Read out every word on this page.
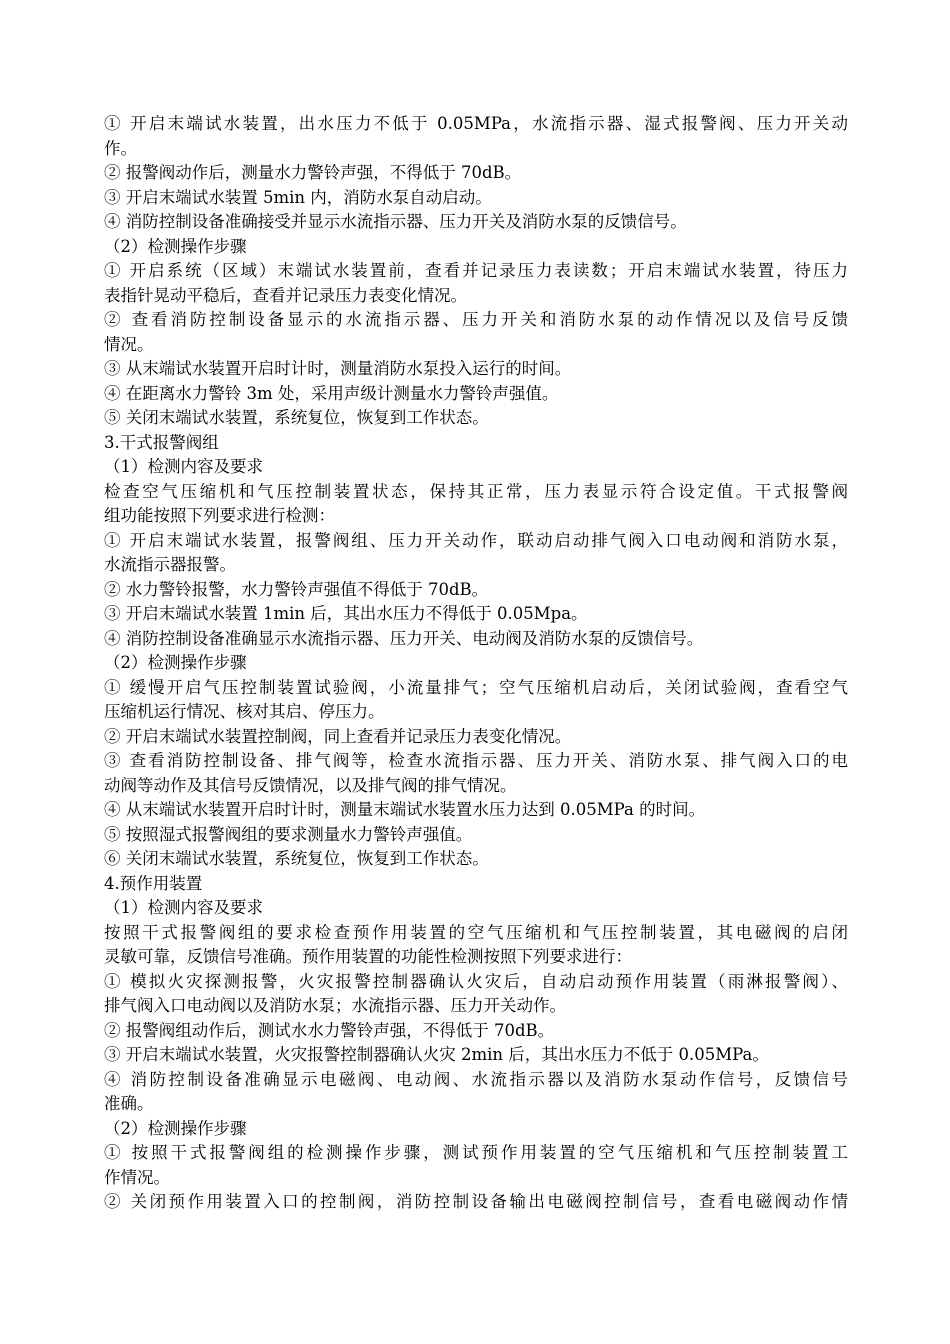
① 开启末端试水装置，出水压力不低于 0.05MPa，水流指示器、湿式报警阀、压力开关动
作。
② 报警阀动作后，测量水力警铃声强，不得低于 70dB。
③ 开启末端试水装置 5min 内，消防水泵自动启动。
④ 消防控制设备准确接受并显示水流指示器、压力开关及消防水泵的反馈信号。
（2）检测操作步骤
① 开启系统（区域）末端试水装置前，查看并记录压力表读数；开启末端试水装置，待压力
表指针晃动平稳后，查看并记录压力表变化情况。
② 查看消防控制设备显示的水流指示器、压力开关和消防水泵的动作情况以及信号反馈
情况。
③ 从末端试水装置开启时计时，测量消防水泵投入运行的时间。
④ 在距离水力警铃 3m 处，采用声级计测量水力警铃声强值。
⑤ 关闭末端试水装置，系统复位，恢复到工作状态。
3.干式报警阀组
（1）检测内容及要求
检查空气压缩机和气压控制装置状态，保持其正常，压力表显示符合设定值。干式报警阀
组功能按照下列要求进行检测：
① 开启末端试水装置，报警阀组、压力开关动作，联动启动排气阀入口电动阀和消防水泵，
水流指示器报警。
② 水力警铃报警，水力警铃声强值不得低于 70dB。
③ 开启末端试水装置 1min 后，其出水压力不得低于 0.05Mpa。
④ 消防控制设备准确显示水流指示器、压力开关、电动阀及消防水泵的反馈信号。
（2）检测操作步骤
① 缓慢开启气压控制装置试验阀，小流量排气；空气压缩机启动后，关闭试验阀，查看空气
压缩机运行情况、核对其启、停压力。
② 开启末端试水装置控制阀，同上查看并记录压力表变化情况。
③ 查看消防控制设备、排气阀等，检查水流指示器、压力开关、消防水泵、排气阀入口的电
动阀等动作及其信号反馈情况，以及排气阀的排气情况。
④ 从末端试水装置开启时计时，测量末端试水装置水压力达到 0.05MPa 的时间。
⑤ 按照湿式报警阀组的要求测量水力警铃声强值。
⑥ 关闭末端试水装置，系统复位，恢复到工作状态。
4.预作用装置
（1）检测内容及要求
按照干式报警阀组的要求检查预作用装置的空气压缩机和气压控制装置，其电磁阀的启闭
灵敏可靠，反馈信号准确。预作用装置的功能性检测按照下列要求进行：
① 模拟火灾探测报警，火灾报警控制器确认火灾后，自动启动预作用装置（雨淋报警阀）、
排气阀入口电动阀以及消防水泵；水流指示器、压力开关动作。
② 报警阀组动作后，测试水水力警铃声强，不得低于 70dB。
③ 开启末端试水装置，火灾报警控制器确认火灾 2min 后，其出水压力不低于 0.05MPa。
④ 消防控制设备准确显示电磁阀、电动阀、水流指示器以及消防水泵动作信号，反馈信号
准确。
（2）检测操作步骤
① 按照干式报警阀组的检测操作步骤，测试预作用装置的空气压缩机和气压控制装置工
作情况。
② 关闭预作用装置入口的控制阀，消防控制设备输出电磁阀控制信号，查看电磁阀动作情
